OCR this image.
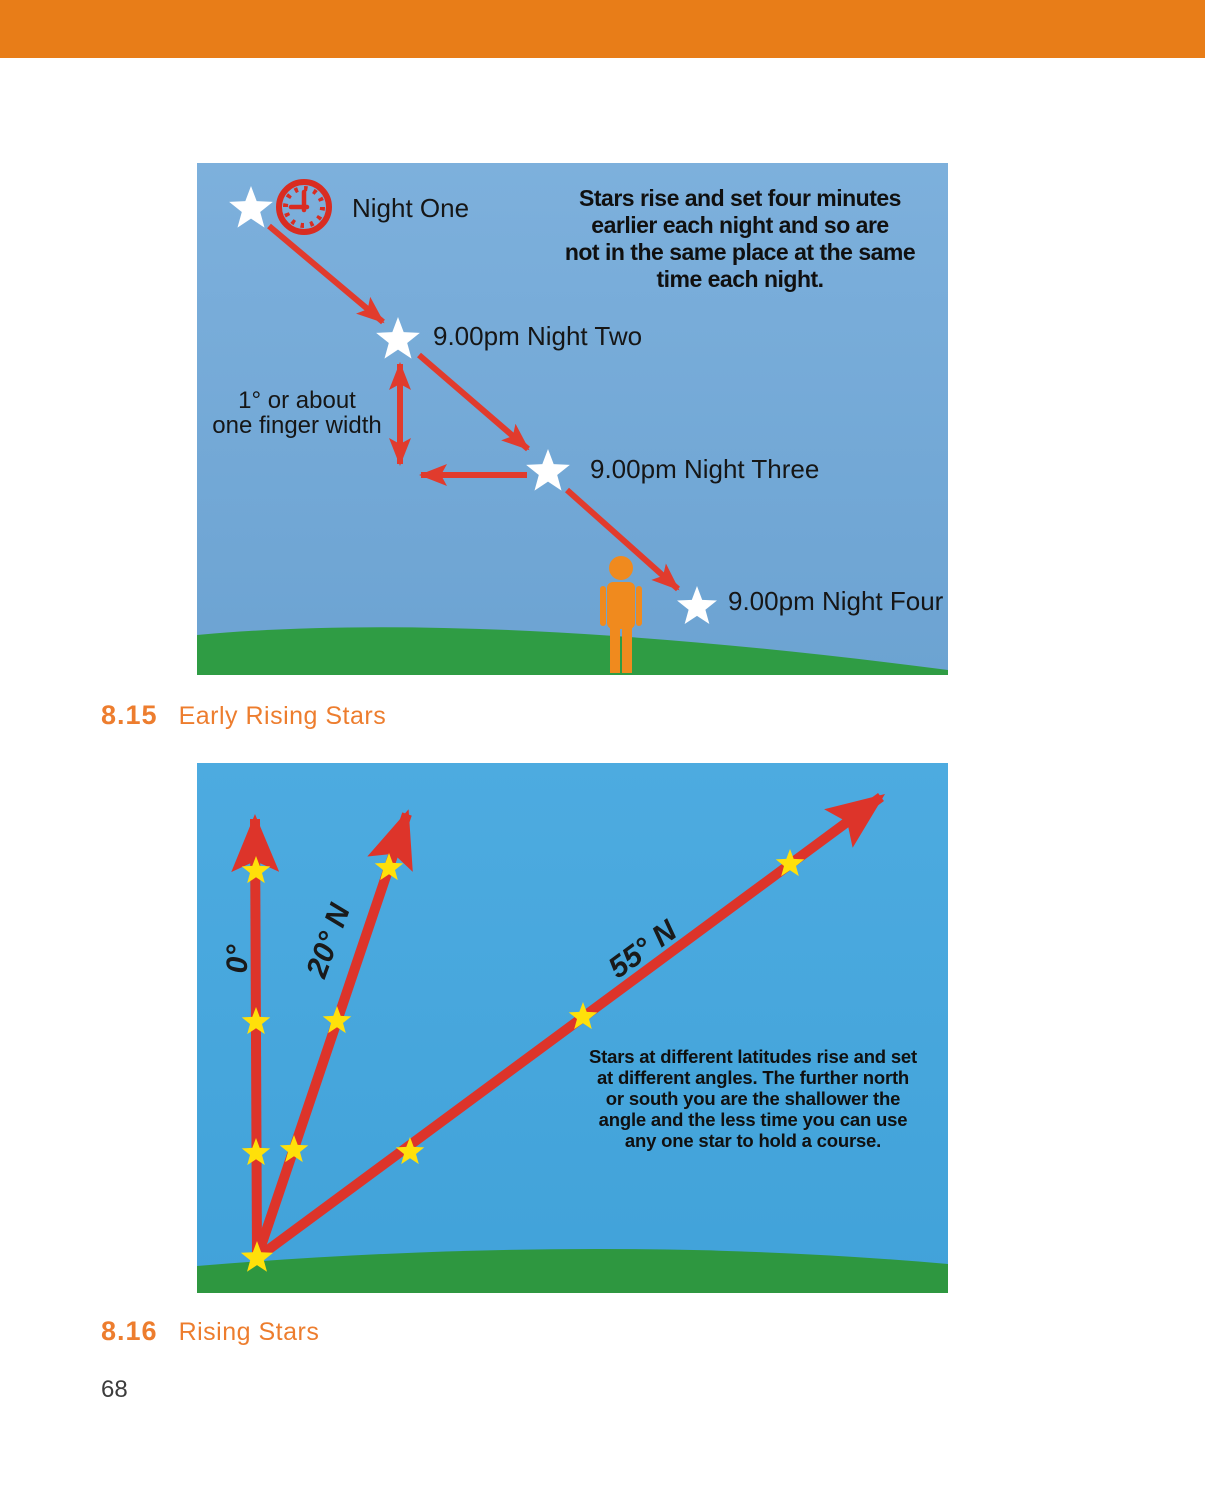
Night One
9.00pm Night Two
9.00pm Night Three
9.00pm Night Four
Stars rise and set four minutes
earlier each night and so are
not in the same place at the same
time each night.
1° or about
one finger width
8.15 Early Rising Stars
0° 20° N	55° N
Stars at different latitudes rise and set
at different angles. The further north
or south you are the shallower the
angle and the less time you can use
any one star to hold a course.
8.16 Rising Stars
68
